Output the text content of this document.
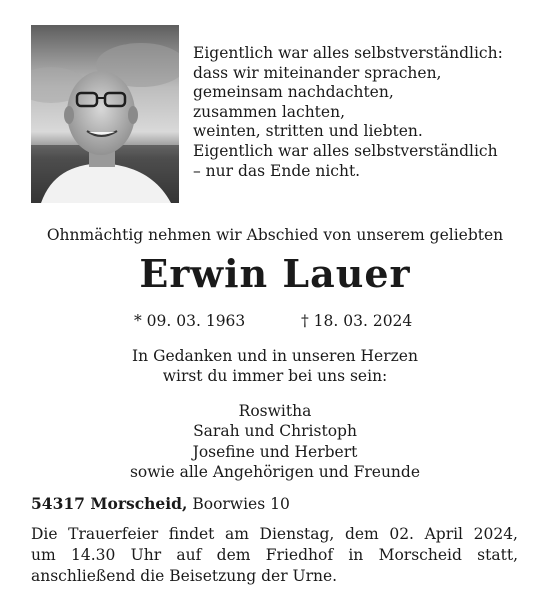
Eigentlich war alles selbstverständlich:
dass wir miteinander sprachen,
gemeinsam nachdachten,
zusammen lachten,
weinten, stritten und liebten.
Eigentlich war alles selbstverständlich
– nur das Ende nicht.
Ohnmächtig nehmen wir Abschied von unserem geliebten
Erwin Lauer
* 09. 03. 1963	† 18. 03. 2024
In Gedanken und in unseren Herzen
wirst du immer bei uns sein:
Roswitha
Sarah und Christoph
Josefine und Herbert
sowie alle Angehörigen und Freunde
54317 Morscheid, Boorwies 10
Die Trauerfeier findet am Dienstag, dem 02. April 2024,
um 14.30 Uhr auf dem Friedhof in Morscheid statt,
anschließend die Beisetzung der Urne.
